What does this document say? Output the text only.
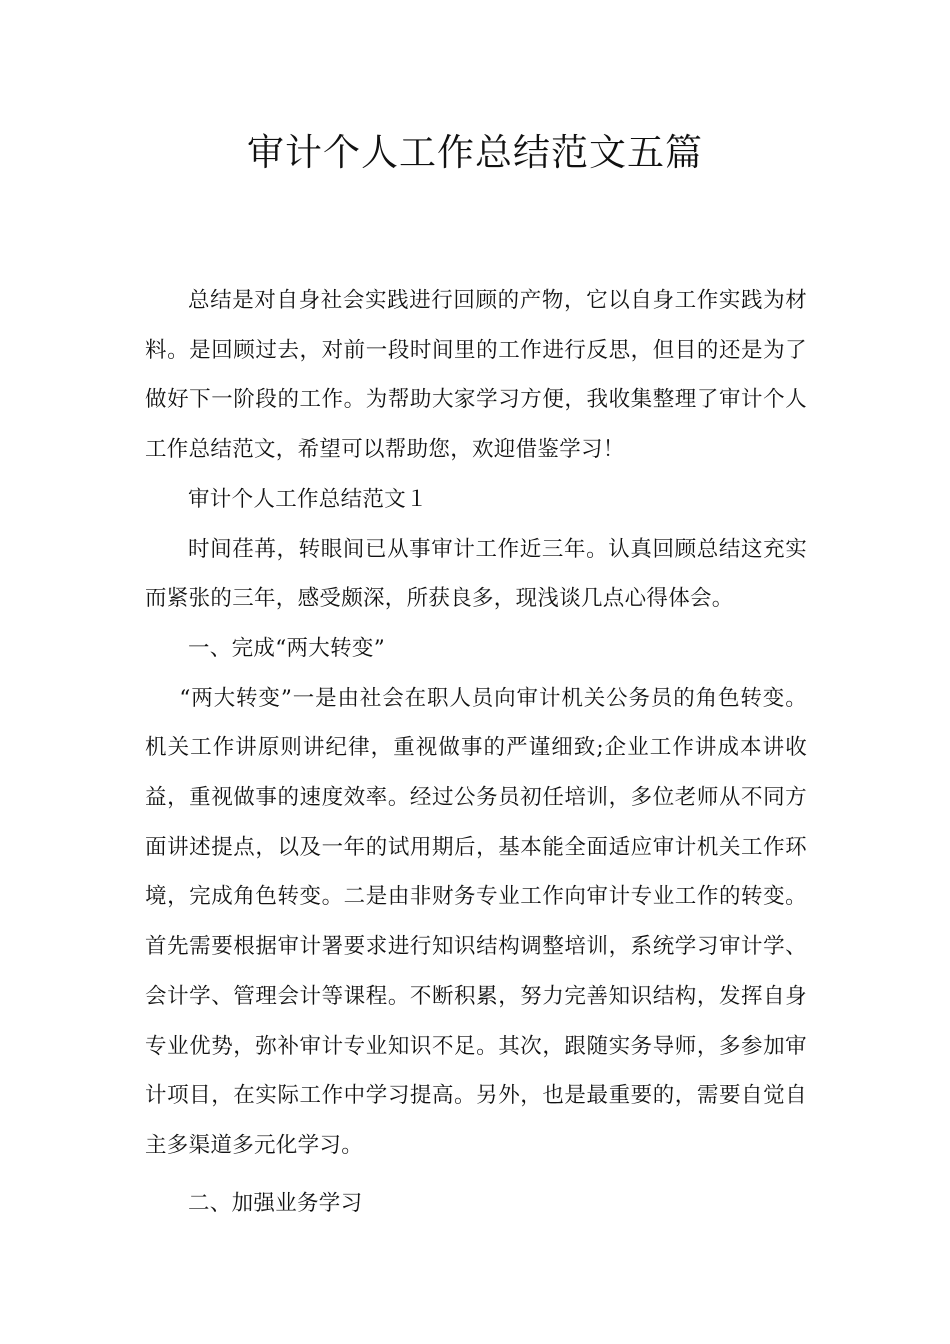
审计个人工作总结范文五篇

总结是对自身社会实践进行回顾的产物，它以自身工作实践为材料。是回顾过去，对前一段时间里的工作进行反思，但目的还是为了做好下一阶段的工作。为帮助大家学习方便，我收集整理了审计个人工作总结范文，希望可以帮助您，欢迎借鉴学习！

审计个人工作总结范文１

时间荏苒，转眼间已从事审计工作近三年。认真回顾总结这充实而紧张的三年，感受颇深，所获良多，现浅谈几点心得体会。

一、完成“两大转变”

“两大转变”一是由社会在职人员向审计机关公务员的角色转变。机关工作讲原则讲纪律，重视做事的严谨细致;企业工作讲成本讲收益，重视做事的速度效率。经过公务员初任培训，多位老师从不同方面讲述提点，以及一年的试用期后，基本能全面适应审计机关工作环境，完成角色转变。二是由非财务专业工作向审计专业工作的转变。首先需要根据审计署要求进行知识结构调整培训，系统学习审计学、会计学、管理会计等课程。不断积累，努力完善知识结构，发挥自身专业优势，弥补审计专业知识不足。其次，跟随实务导师，多参加审计项目，在实际工作中学习提高。另外，也是最重要的，需要自觉自主多渠道多元化学习。

二、加强业务学习
